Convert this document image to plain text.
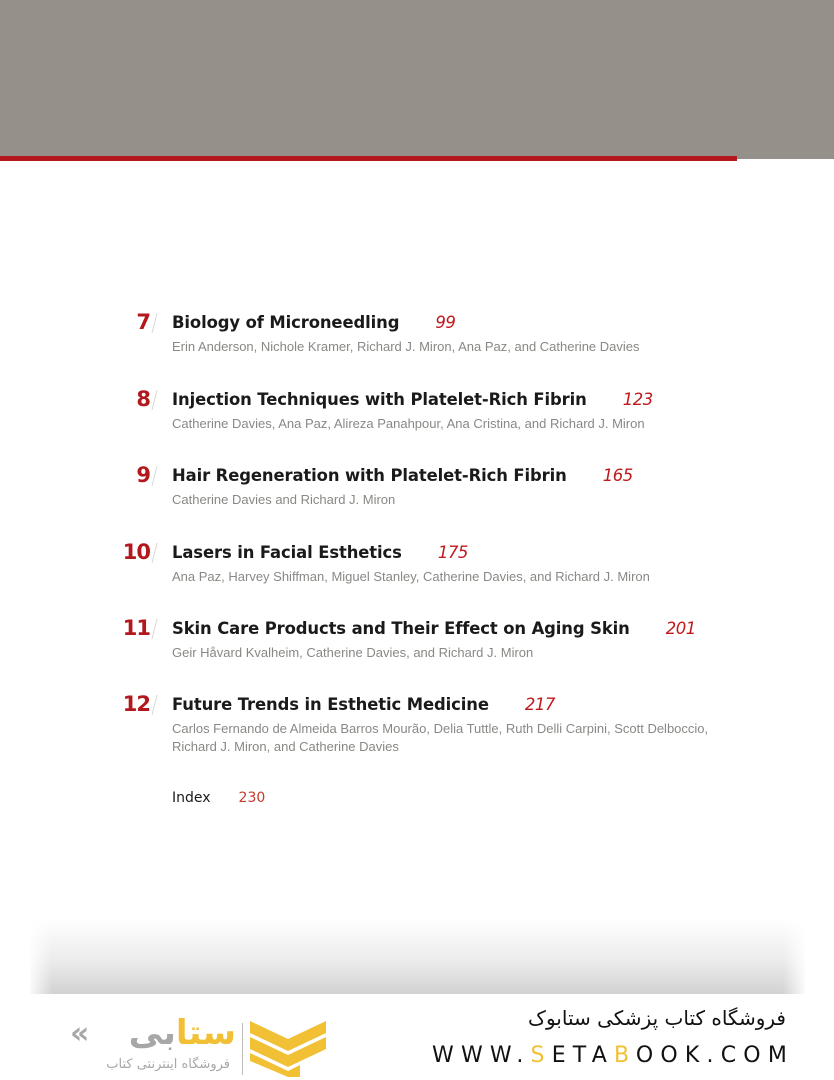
7 Biology of Microneedling 99
Erin Anderson, Nichole Kramer, Richard J. Miron, Ana Paz, and Catherine Davies
8 Injection Techniques with Platelet-Rich Fibrin 123
Catherine Davies, Ana Paz, Alireza Panahpour, Ana Cristina, and Richard J. Miron
9 Hair Regeneration with Platelet-Rich Fibrin 165
Catherine Davies and Richard J. Miron
10 Lasers in Facial Esthetics 175
Ana Paz, Harvey Shiffman, Miguel Stanley, Catherine Davies, and Richard J. Miron
11 Skin Care Products and Their Effect on Aging Skin 201
Geir Håvard Kvalheim, Catherine Davies, and Richard J. Miron
12 Future Trends in Esthetic Medicine 217
Carlos Fernando de Almeida Barros Mourão, Delia Tuttle, Ruth Delli Carpini, Scott Delboccio,
Richard J. Miron, and Catherine Davies
Index 230
«	ستابی
فروشگاه اینترنتی کتاب
فروشگاه کتاب پزشکی ستابوک
WWW.SETABOOK.COM
